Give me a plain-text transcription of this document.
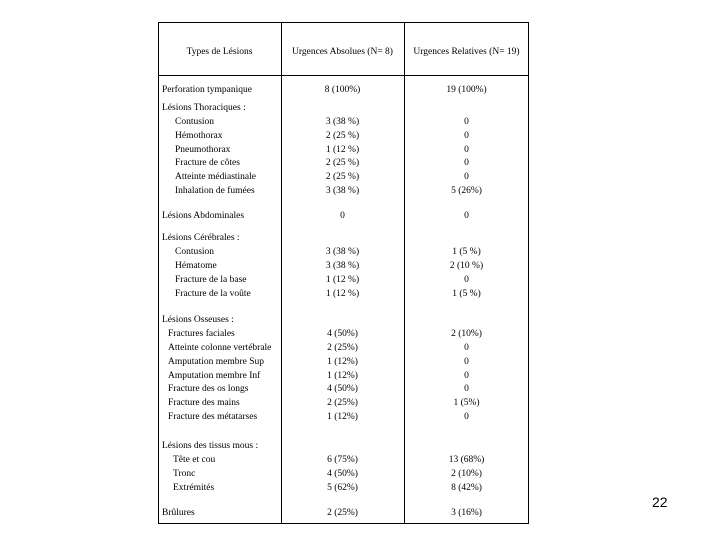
Types de Lésions	Urgences Absolues (N= 8)	Urgences Relatives (N= 19)
Perforation tympanique	8 (100%)	19 (100%)
Lésions Thoraciques :
Contusion	3 (38 %)	0
Hémothorax	2 (25 %)	0
Pneumothorax	1 (12 %)	0
Fracture de côtes	2 (25 %)	0
Atteinte médiastinale	2 (25 %)	0
Inhalation de fumées	3 (38 %)	5 (26%)
Lésions Abdominales	0	0
Lésions Cérébrales :
Contusion	3 (38 %)	1 (5 %)
Hématome	3 (38 %)	2 (10 %)
Fracture de la base	1 (12 %)	0
Fracture de la voûte	1 (12 %)	1 (5 %)
Lésions Osseuses :
Fractures faciales	4 (50%)	2 (10%)
Atteinte colonne vertébrale	2 (25%)	0
Amputation membre Sup	1 (12%)	0
Amputation membre Inf	1 (12%)	0
Fracture des os longs	4 (50%)	0
Fracture des mains	2 (25%)	1 (5%)
Fracture des métatarses	1 (12%)	0
Lésions des tissus mous :
Tête et cou	6 (75%)	13 (68%)
Tronc	4 (50%)	2 (10%)
Extrémités	5 (62%)	8 (42%)
Brûlures	2 (25%)	3 (16%)
22
